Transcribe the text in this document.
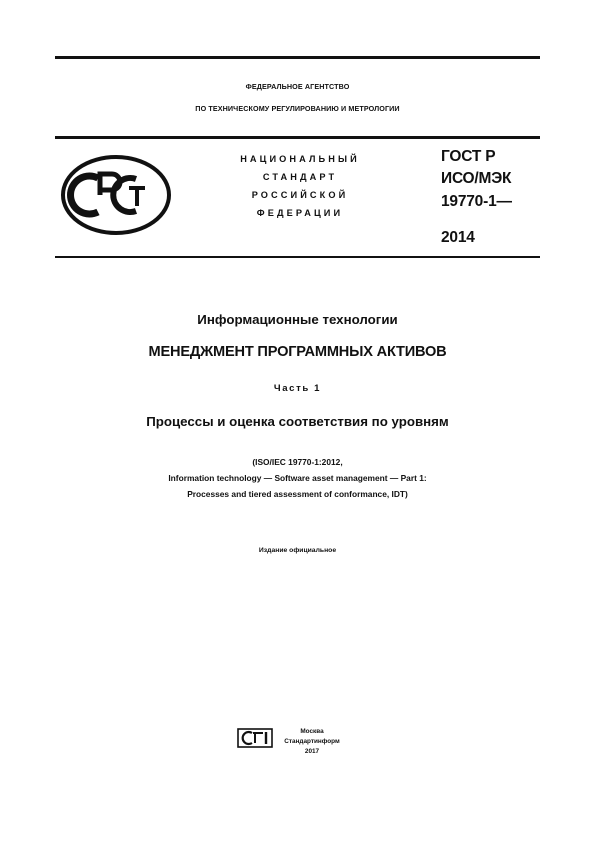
ФЕДЕРАЛЬНОЕ АГЕНТСТВО
ПО ТЕХНИЧЕСКОМУ РЕГУЛИРОВАНИЮ И МЕТРОЛОГИИ
НАЦИОНАЛЬНЫЙ
СТАНДАРТ
РОССИЙСКОЙ
ФЕДЕРАЦИИ
ГОСТ Р
ИСО/МЭК
19770-1—
2014
Информационные технологии
МЕНЕДЖМЕНТ ПРОГРАММНЫХ АКТИВОВ
Часть 1
Процессы и оценка соответствия по уровням
(ISO/IEC 19770-1:2012,
Information technology — Software asset management — Part 1:
Processes and tiered assessment of conformance, IDT)
Издание официальное
Москва
Стандартинформ
2017
